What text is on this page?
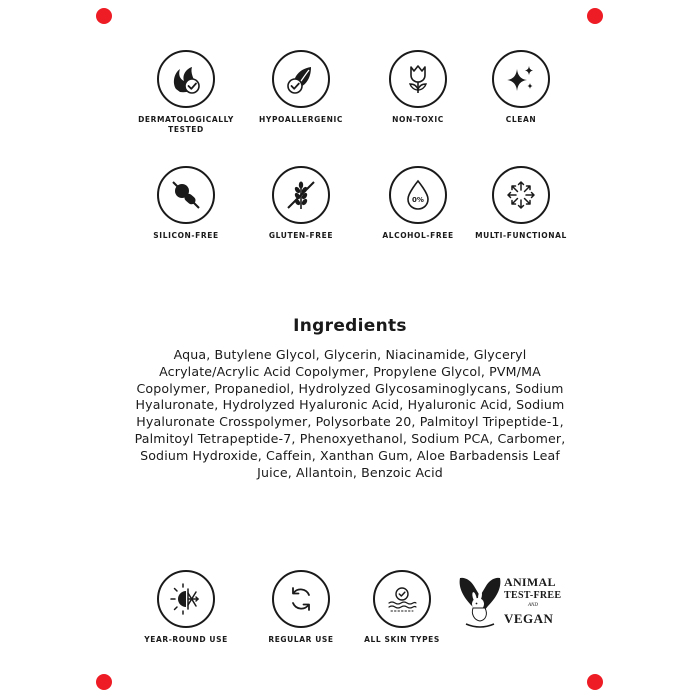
DERMATOLOGICALLY TESTED
HYPOALLERGENIC	NON-TOXIC	CLEAN
SILICON-FREE	GLUTEN-FREE
0%
ALCOHOL-FREE	MULTI-FUNCTIONAL
Ingredients
Aqua, Butylene Glycol, Glycerin, Niacinamide, Glyceryl Acrylate/Acrylic Acid Copolymer, Propylene Glycol, PVM/MA Copolymer, Propanediol, Hydrolyzed Glycosaminoglycans, Sodium Hyaluronate, Hydrolyzed Hyaluronic Acid, Hyaluronic Acid, Sodium Hyaluronate Crosspolymer, Polysorbate 20, Palmitoyl Tripeptide-1, Palmitoyl Tetrapeptide-7, Phenoxyethanol, Sodium PCA, Carbomer, Sodium Hydroxide, Caffein, Xanthan Gum, Aloe Barbadensis Leaf Juice, Allantoin, Benzoic Acid
YEAR-ROUND USE	REGULAR USE	ALL SKIN TYPES
ANIMAL
TEST-FREE
AND
VEGAN
